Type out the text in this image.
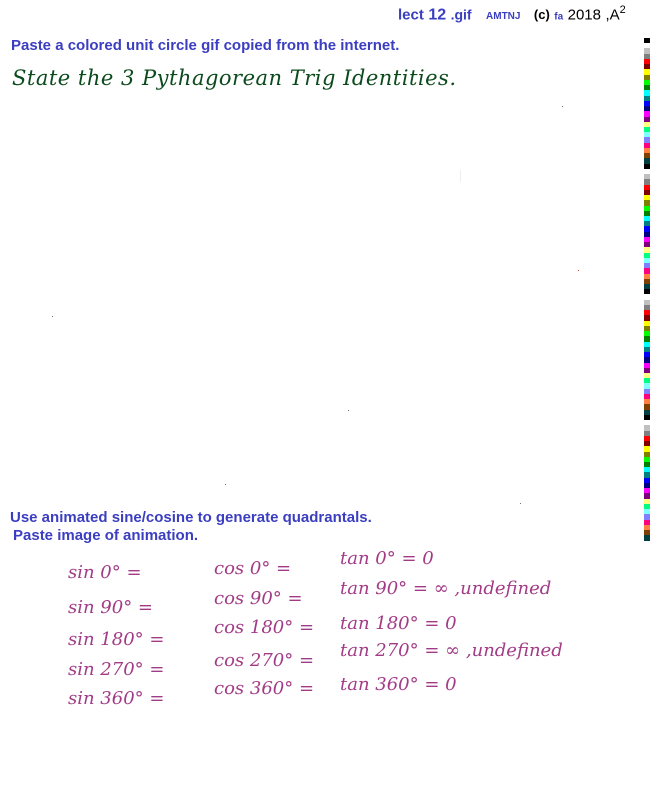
lect 12 .gif AMTNJ (c) fa 2018 $,A^2$
Paste a colored unit circle gif copied from the internet.
State the 3 Pythagorean Trig Identities.
Use animated sine/cosine to generate quadrantals.
Paste image of animation.
sin 0° =
sin 90° =
sin 180° =
sin 270° =
sin 360° =
cos 0° =
cos 90° =
cos 180° =
cos 270° =
cos 360° =
tan 0° = 0
tan 90° = ∞ ,undefined
tan 180° = 0
tan 270° = ∞ ,undefined
tan 360° = 0
